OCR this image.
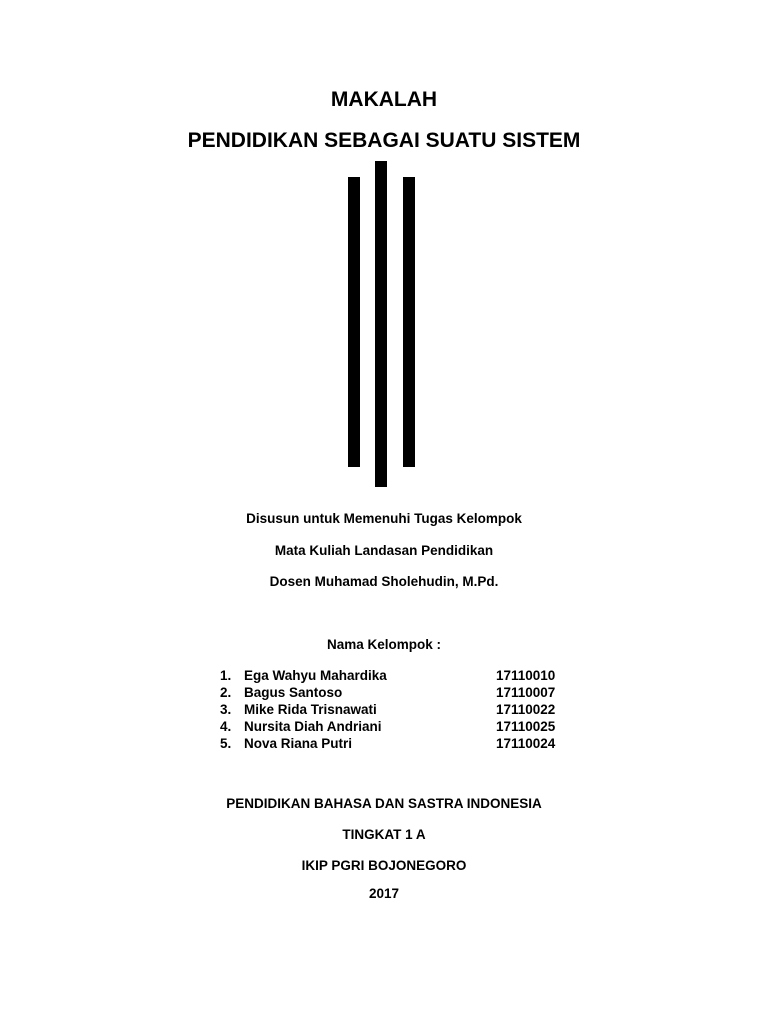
MAKALAH
PENDIDIKAN SEBAGAI SUATU SISTEM
Disusun untuk Memenuhi Tugas Kelompok
Mata Kuliah Landasan Pendidikan
Dosen Muhamad Sholehudin, M.Pd.
Nama Kelompok :
1. Ega Wahyu Mahardika	17110010
2. Bagus Santoso	17110007
3. Mike Rida Trisnawati	17110022
4. Nursita Diah Andriani	17110025
5. Nova Riana Putri	17110024
PENDIDIKAN BAHASA DAN SASTRA INDONESIA
TINGKAT 1 A
IKIP PGRI BOJONEGORO
2017
